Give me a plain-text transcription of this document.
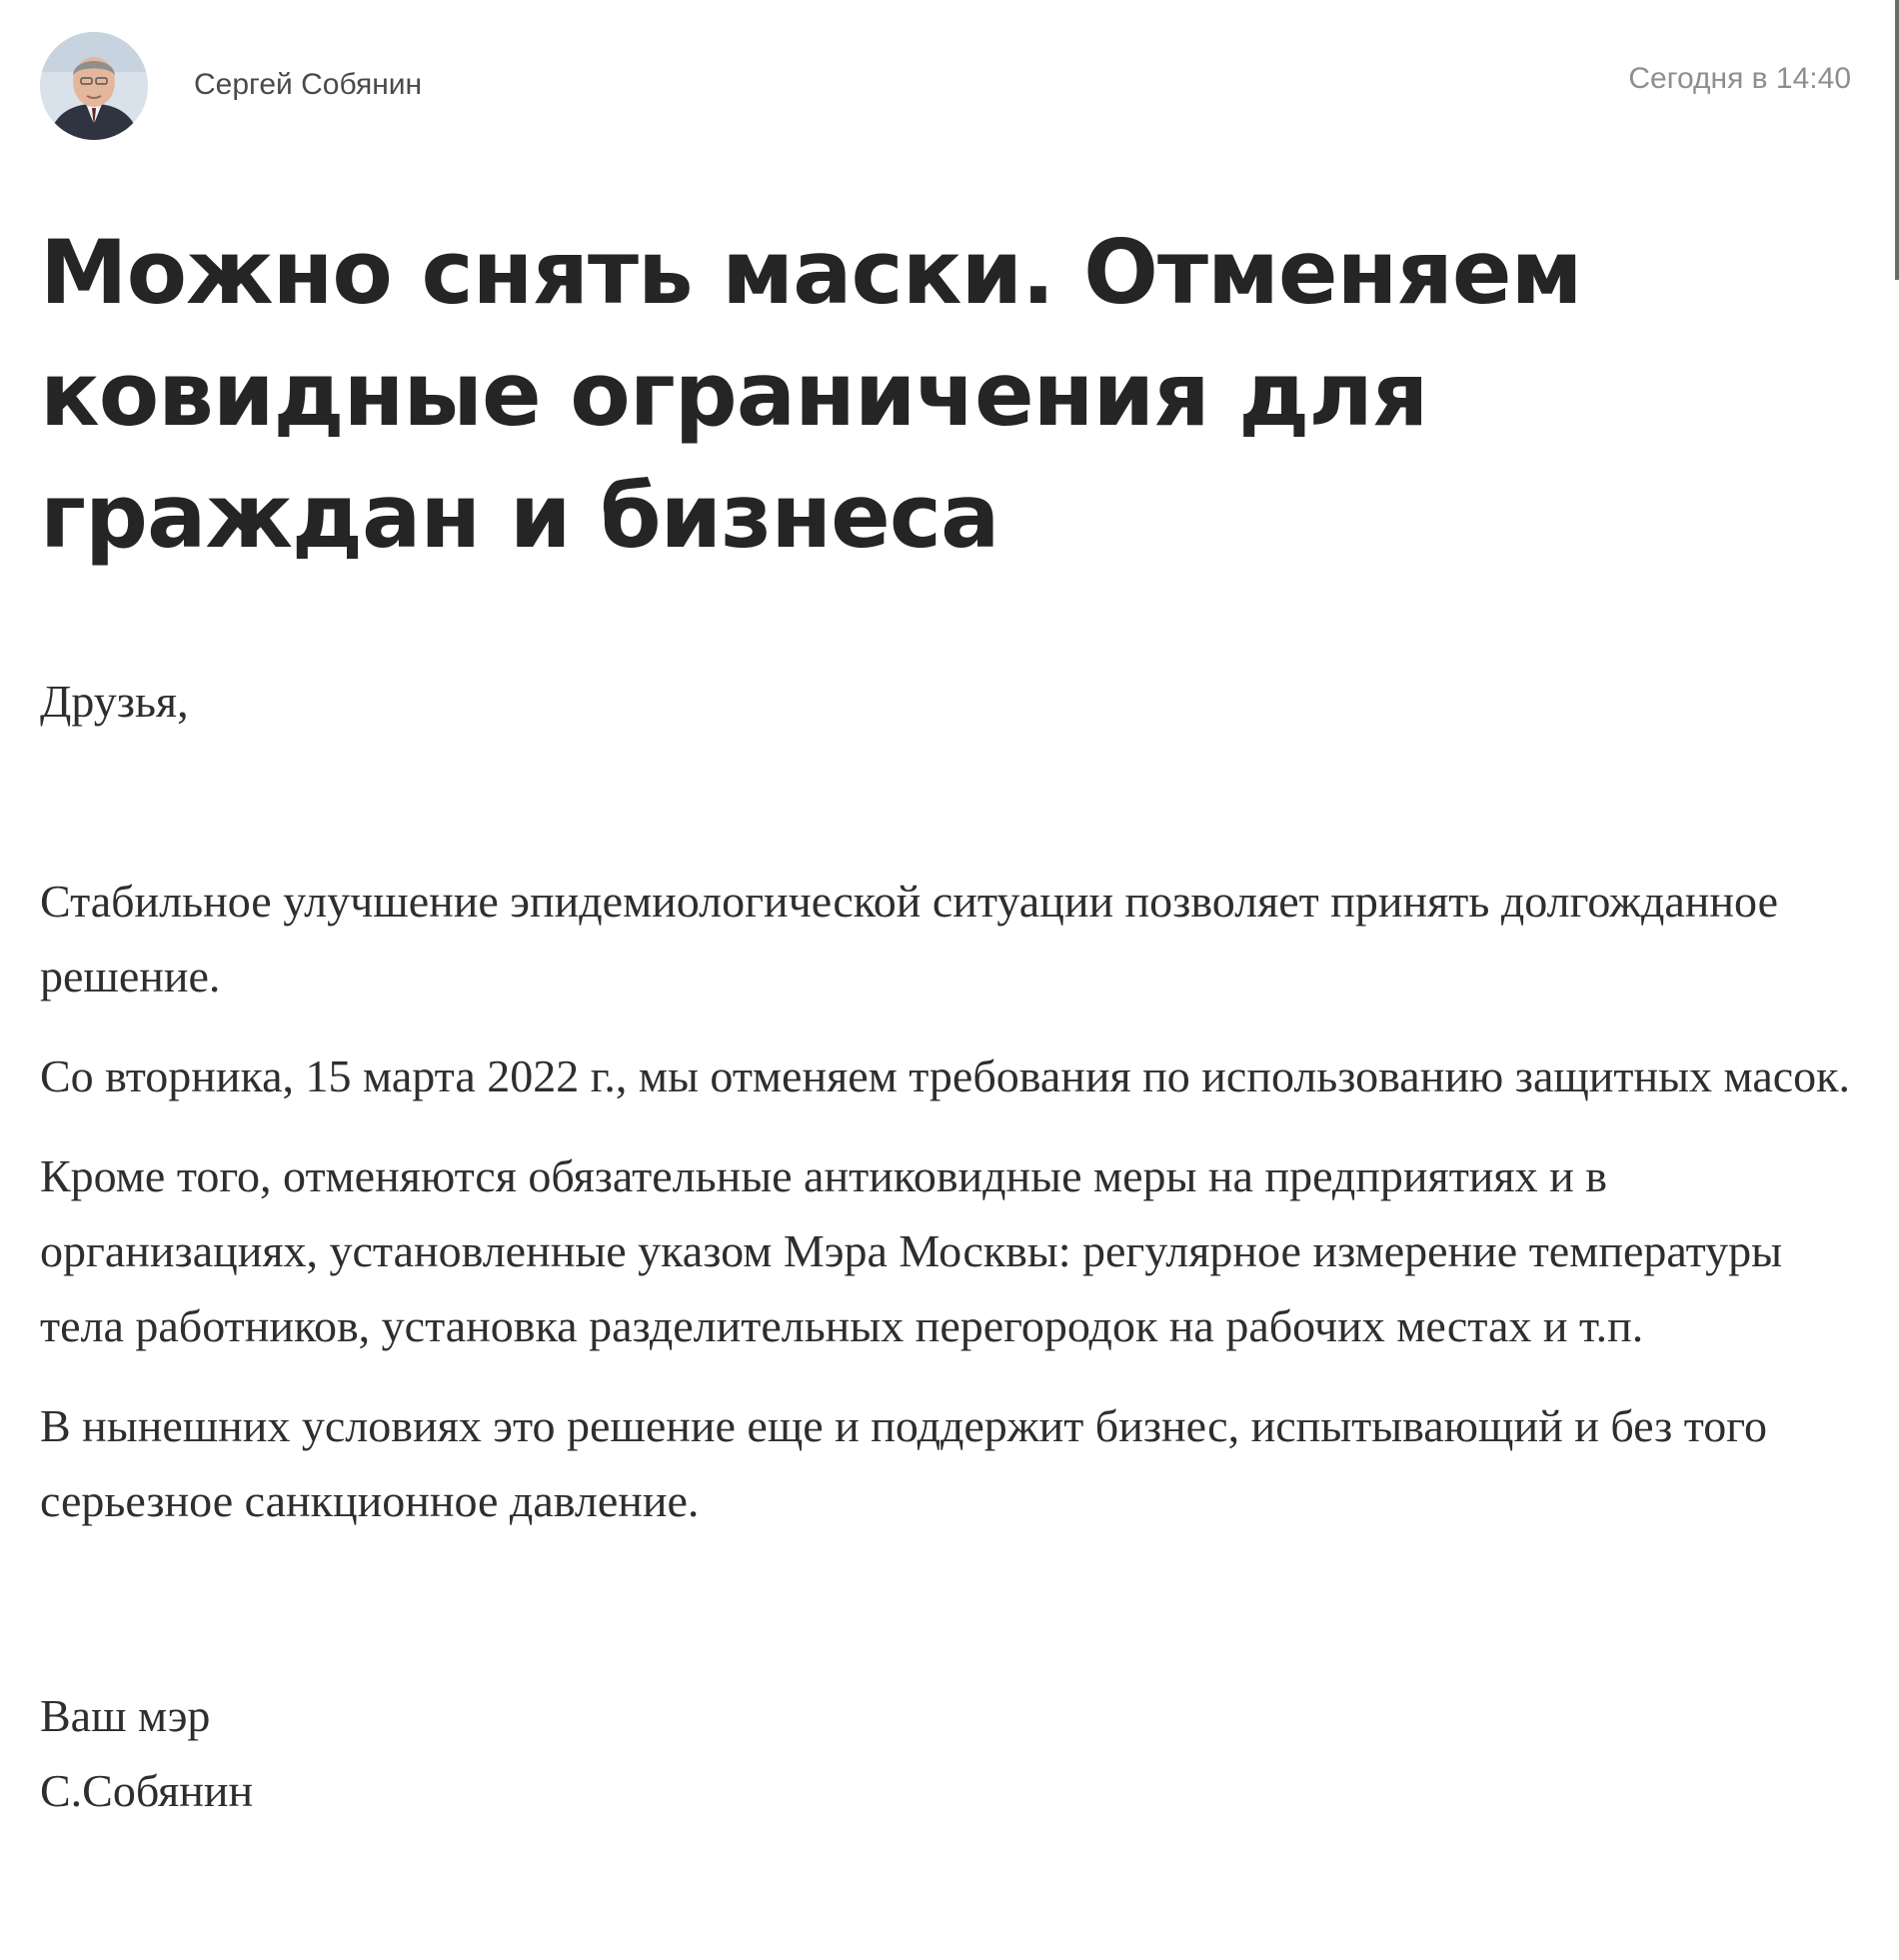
Сергей Собянин	Сегодня в 14:40
Можно снять маски. Отменяем ковидные ограничения для граждан и бизнеса

Друзья,

Стабильное улучшение эпидемиологической ситуации позволяет принять долгожданное решение.

Со вторника, 15 марта 2022 г., мы отменяем требования по использованию защитных масок.

Кроме того, отменяются обязательные антиковидные меры на предприятиях и в организациях, установленные указом Мэра Москвы: регулярное измерение температуры тела работников, установка разделительных перегородок на рабочих местах и т.п.

В нынешних условиях это решение еще и поддержит бизнес, испытывающий и без того серьезное санкционное давление.

Ваш мэр

С.Собянин
